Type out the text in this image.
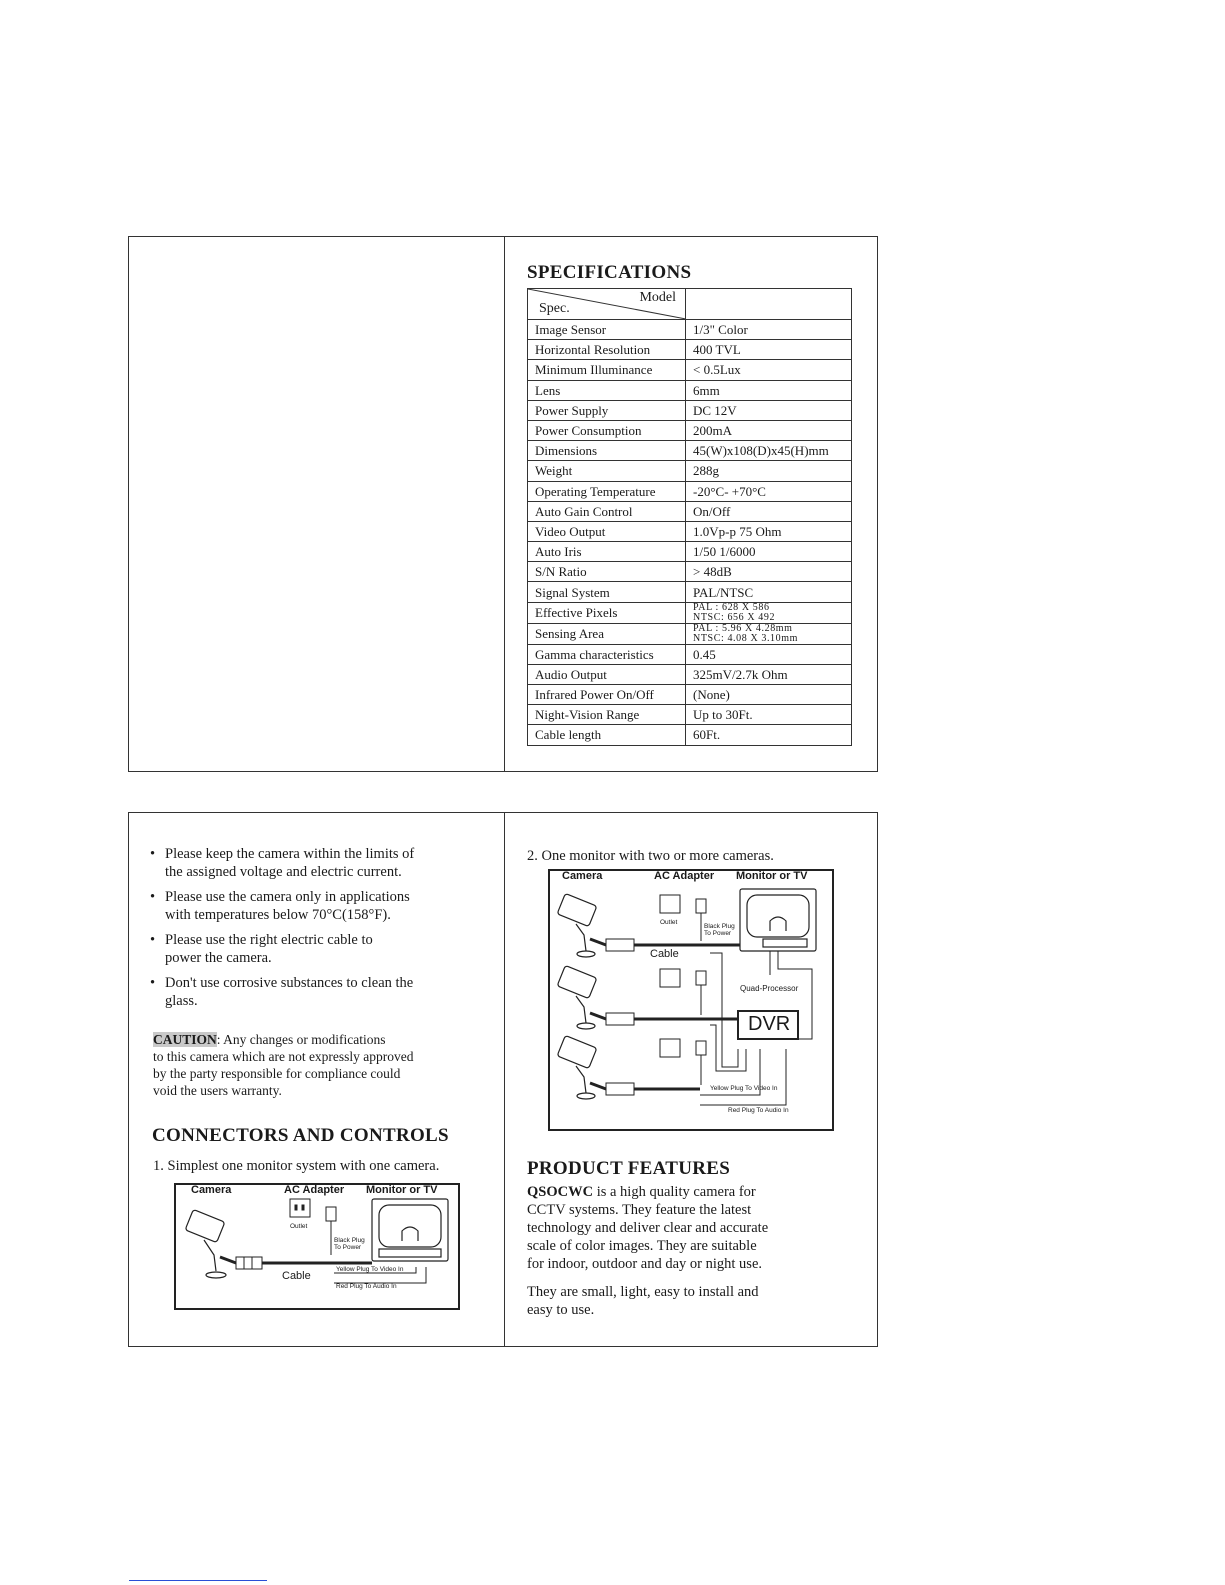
SPECIFICATIONS
Spec.
Model	

Image Sensor	1/3" Color
Horizontal Resolution	400 TVL
Minimum Illuminance	< 0.5Lux
Lens	6mm
Power Supply	DC 12V
Power Consumption	200mA
Dimensions	45(W)x108(D)x45(H)mm
Weight	288g
Operating Temperature	-20°C- +70°C
Auto Gain Control	On/Off
Video Output	1.0Vp-p 75 Ohm
Auto Iris	1/50 1/6000
S/N Ratio	> 48dB
Signal System	PAL/NTSC
Effective Pixels	PAL : 628 X 586
NTSC: 656 X 492

Sensing Area	PAL : 5.96 X 4.28mm
NTSC: 4.08 X 3.10mm

Gamma characteristics	0.45
Audio Output	325mV/2.7k Ohm
Infrared Power On/Off	(None)
Night-Vision Range	Up to 30Ft.
Cable length	60Ft.
• Please keep the camera within the limits of
the assigned voltage and electric current.
• Please use the camera only in applications
with temperatures below 70°C(158°F).
• Please use the right electric cable to
power the camera.
• Don't use corrosive substances to clean the
glass.
CAUTION: Any changes or modifications
to this camera which are not expressly approved
by the party responsible for compliance could
void the users warranty.
CONNECTORS AND CONTROLS
1. Simplest one monitor system with one camera.
Camera	AC Adapter Monitor or TV
Outlet
Black Plug
To Power
Yellow Plug To Video In
Cable
Red Plug To Audio In
2. One monitor with two or more cameras.
Camera	AC Adapter Monitor or TV
Outlet
Black Plug
To Power
Cable
Quad-Processor
DVR
Yellow Plug To Video In
Red Plug To Audio In
PRODUCT FEATURES
QSOCWC is a high quality camera for
CCTV systems. They feature the latest
technology and deliver clear and accurate
scale of color images. They are suitable
for indoor, outdoor and day or night use.
They are small, light, easy to install and
easy to use.
